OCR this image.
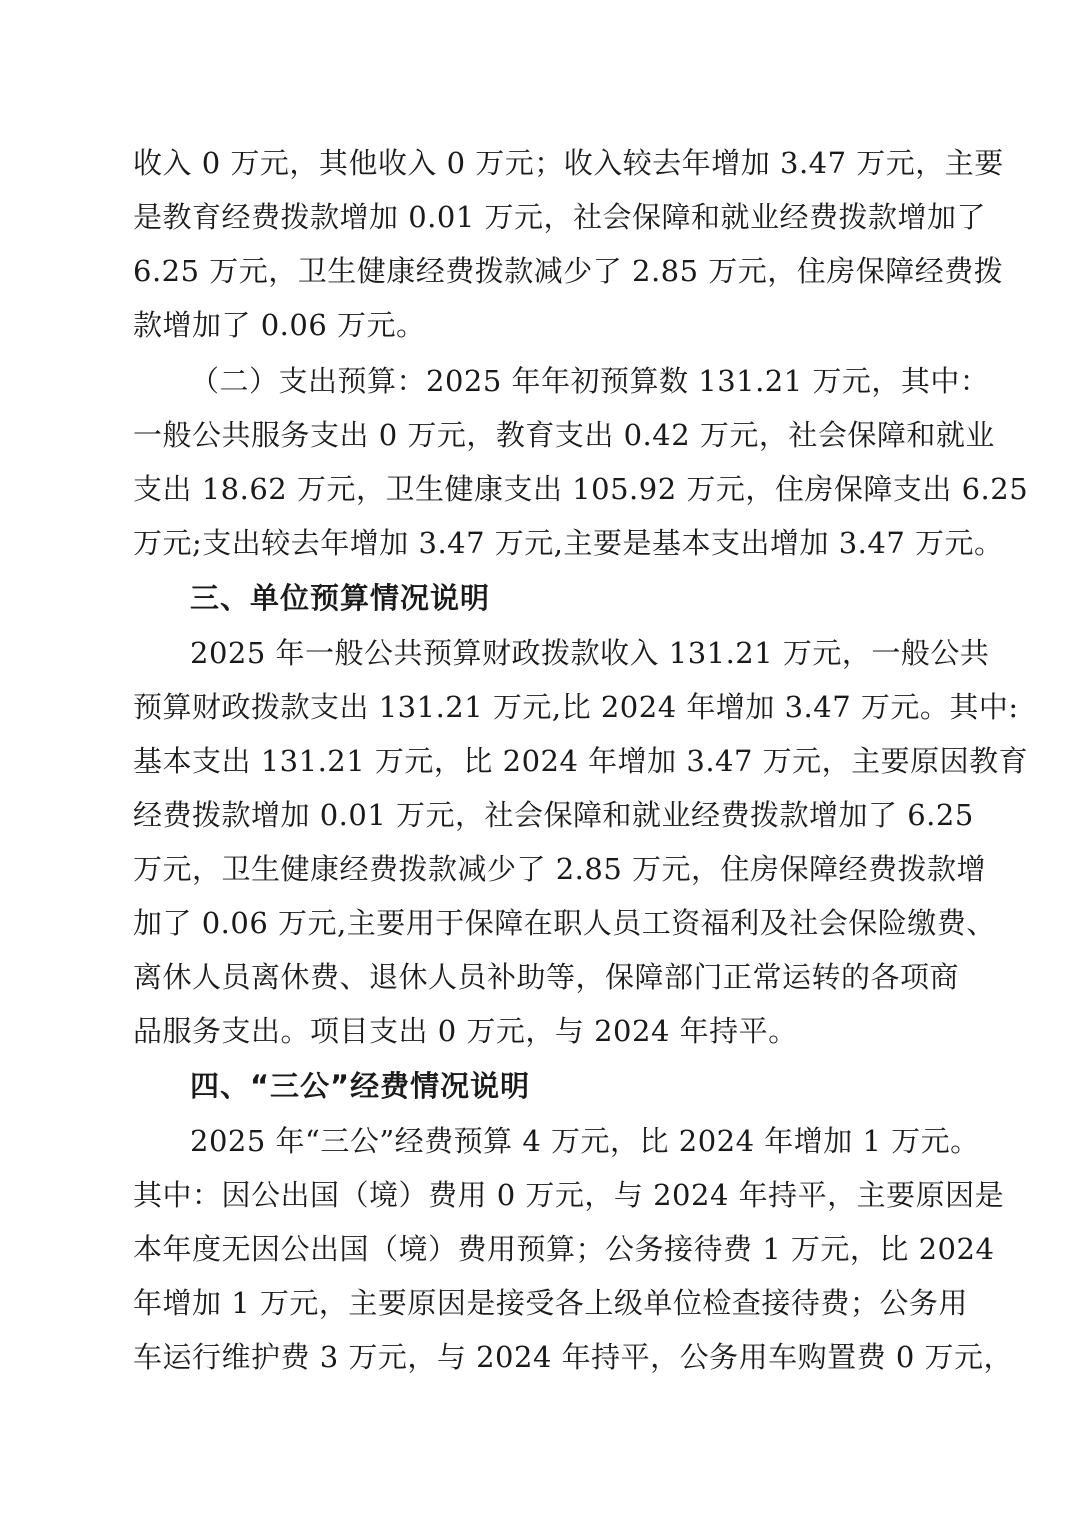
收入 0 万元，其他收入 0 万元；收入较去年增加 3.47 万元，主要
是教育经费拨款增加 0.01 万元，社会保障和就业经费拨款增加了
6.25 万元，卫生健康经费拨款减少了 2.85 万元，住房保障经费拨
款增加了 0.06 万元。
（二）支出预算：2025 年年初预算数 131.21 万元，其中：
一般公共服务支出 0 万元，教育支出 0.42 万元，社会保障和就业
支出 18.62 万元，卫生健康支出 105.92 万元，住房保障支出 6.25
万元;支出较去年增加 3.47 万元,主要是基本支出增加 3.47 万元。
三、单位预算情况说明
2025 年一般公共预算财政拨款收入 131.21 万元，一般公共
预算财政拨款支出 131.21 万元,比 2024 年增加 3.47 万元。其中:
基本支出 131.21 万元，比 2024 年增加 3.47 万元，主要原因教育
经费拨款增加 0.01 万元，社会保障和就业经费拨款增加了 6.25
万元，卫生健康经费拨款减少了 2.85 万元，住房保障经费拨款增
加了 0.06 万元,主要用于保障在职人员工资福利及社会保险缴费、
离休人员离休费、退休人员补助等，保障部门正常运转的各项商
品服务支出。项目支出 0 万元，与 2024 年持平。
四、“三公”经费情况说明
2025 年“三公”经费预算 4 万元，比 2024 年增加 1 万元。
其中：因公出国（境）费用 0 万元，与 2024 年持平，主要原因是
本年度无因公出国（境）费用预算；公务接待费 1 万元，比 2024
年增加 1 万元，主要原因是接受各上级单位检查接待费；公务用
车运行维护费 3 万元，与 2024 年持平，公务用车购置费 0 万元，
